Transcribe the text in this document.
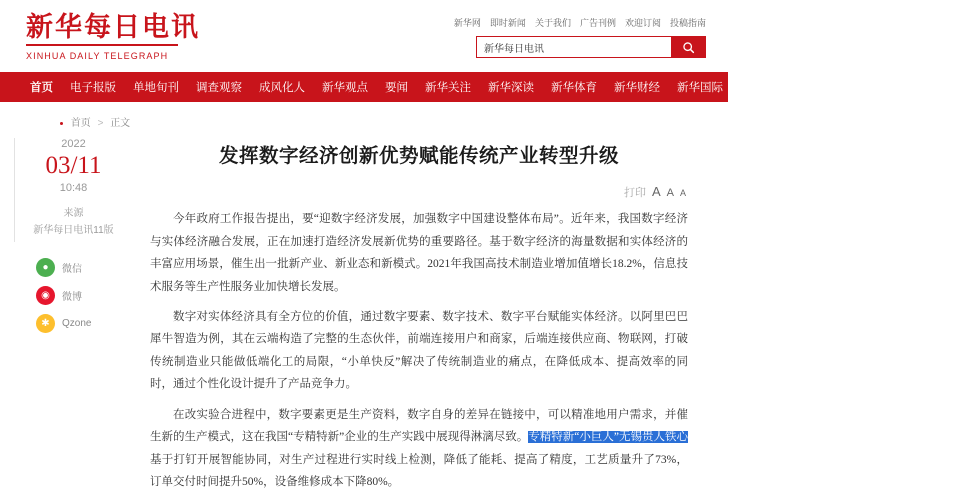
新华每日电讯
XINHUA DAILY TELEGRAPH
新华网 即时新闻 关于我们 广告刊例 欢迎订阅 投稿指南
新华每日电讯
首页 电子报版 单地旬刊 调查观察 成风化人 新华观点 要闻 新华关注 新华深读 新华体育 新华财经 新华国际 新华融媒 精彩专题 医卫健康 看天下
首页 > 正文
2022
03/11
10:48
来源
新华每日电讯11版
●	微信
◉	微博
✱	Qzone
发挥数字经济创新优势赋能传统产业转型升级
打印 A A A

今年政府工作报告提出，要“迎数字经济发展，加强数字中国建设整体布局”。近年来，我国数字经济与实体经济融合发展，正在加速打造经济发展新优势的重要路径。基于数字经济的海量数据和实体经济的丰富应用场景，催生出一批新产业、新业态和新模式。2021年我国高技术制造业增加值增长18.2%，信息技术服务等生产性服务业加快增长发展。

数字对实体经济具有全方位的价值，通过数字要素、数字技术、数字平台赋能实体经济。以阿里巴巴犀牛智造为例，其在云端构造了完整的生态伙伴，前端连接用户和商家，后端连接供应商、物联网，打破传统制造业只能做低端化工的局限，“小单快反”解决了传统制造业的痛点，在降低成本、提高效率的同时，通过个性化设计提升了产品竞争力。

在改实验合进程中，数字要素更是生产资料，数字自身的差异在链接中，可以精准地用户需求，并催生新的生产模式，这在我国“专精特新”企业的生产实践中展现得淋漓尽致。专精特新“小巨人”无锡贵人铁心基于打钉开展智能协同，对生产过程进行实时线上检测，降低了能耗、提高了精度，工艺质量升了73%，订单交付时间提升50%，设备维修成本下降80%。
